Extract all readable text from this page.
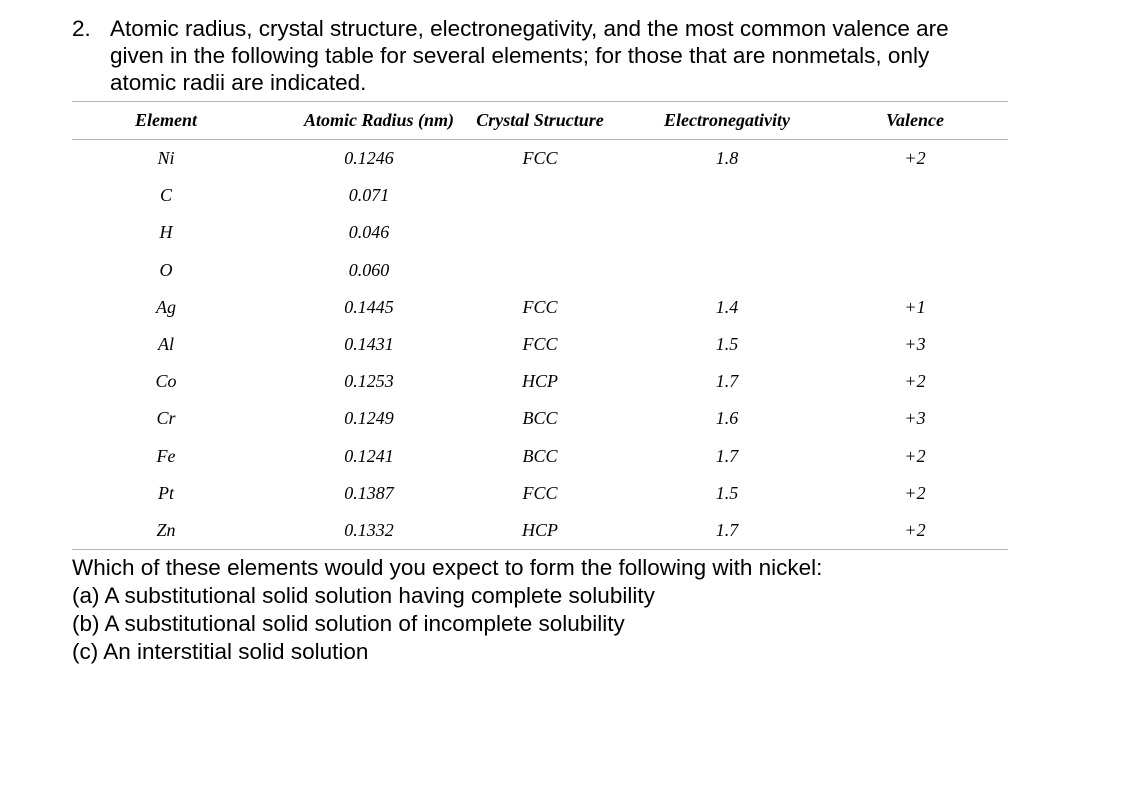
2. Atomic radius, crystal structure, electronegativity, and the most common valence are
given in the following table for several elements; for those that are nonmetals, only
atomic radii are indicated.
Element	Atomic Radius (nm)	Crystal Structure	Electronegativity	Valence
Ni	0.1246	FCC	1.8	+2
C	0.071
H	0.046
O	0.060
Ag	0.1445	FCC	1.4	+1
Al	0.1431	FCC	1.5	+3
Co	0.1253	HCP	1.7	+2
Cr	0.1249	BCC	1.6	+3
Fe	0.1241	BCC	1.7	+2
Pt	0.1387	FCC	1.5	+2
Zn	0.1332	HCP	1.7	+2
Which of these elements would you expect to form the following with nickel:
(a) A substitutional solid solution having complete solubility
(b) A substitutional solid solution of incomplete solubility
(c) An interstitial solid solution
